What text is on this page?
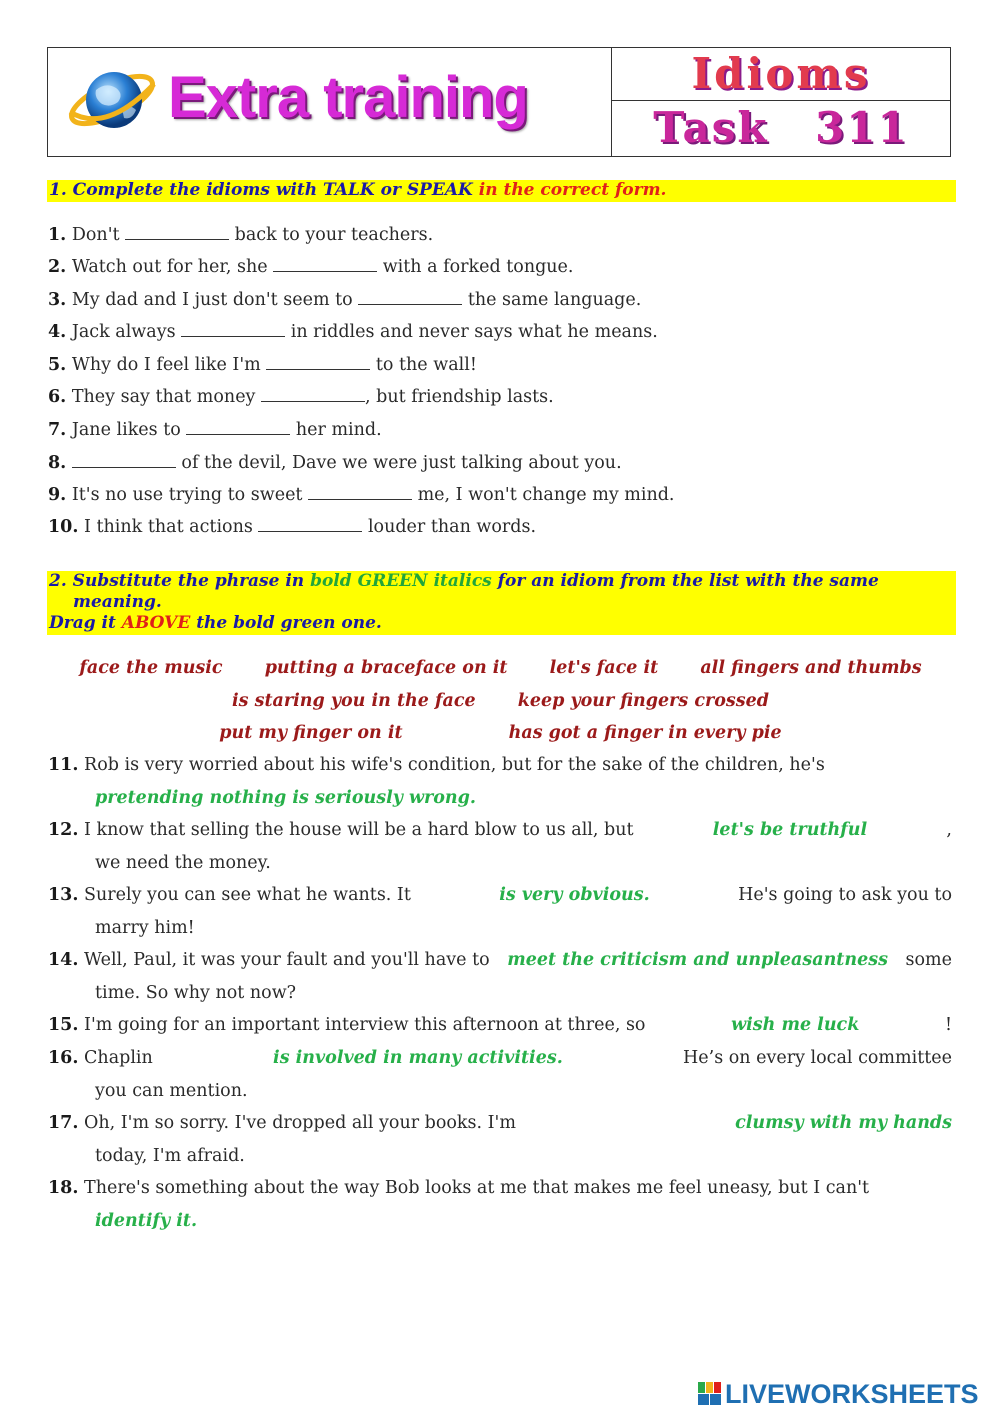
Extra training	Idioms
Task 311
1. Complete the idioms with TALK or SPEAK in the correct form.
1. Don't	back to your teachers.
2. Watch out for her, she	with a forked tongue.
3. My dad and I just don't seem to	the same language.
4. Jack always	in riddles and never says what he means.
5. Why do I feel like I'm	to the wall!
6. They say that money	, but friendship lasts.
7. Jane likes to	her mind.
8.	of the devil, Dave we were just talking about you.
9. It's no use trying to sweet	me, I won't change my mind.
10. I think that actions	louder than words.
2. Substitute the phrase in bold GREEN italics for an idiom from the list with the same
meaning.
Drag it ABOVE the bold green one.
face the music putting a braceface on it let's face it all fingers and thumbs
is staring you in the face keep your fingers crossed
put my finger on it	has got a finger in every pie
11. Rob is very worried about his wife's condition, but for the sake of the children, he's
pretending nothing is seriously wrong.
12. I know that selling the house will be a hard blow to us all, but	let's be truthful	,
we need the money.
13. Surely you can see what he wants. It	is very obvious.	He's going to ask you to
marry him!
14. Well, Paul, it was your fault and you'll have to meet the criticism and unpleasantness some
time. So why not now?
15. I'm going for an important interview this afternoon at three, so	wish me luck	!
16. Chaplin	is involved in many activities.	He’s on every local committee
you can mention.
17. Oh, I'm so sorry. I've dropped all your books. I'm	clumsy with my hands
today, I'm afraid.
18. There's something about the way Bob looks at me that makes me feel uneasy, but I can't
identify it.
LIVEWORKSHEETS
